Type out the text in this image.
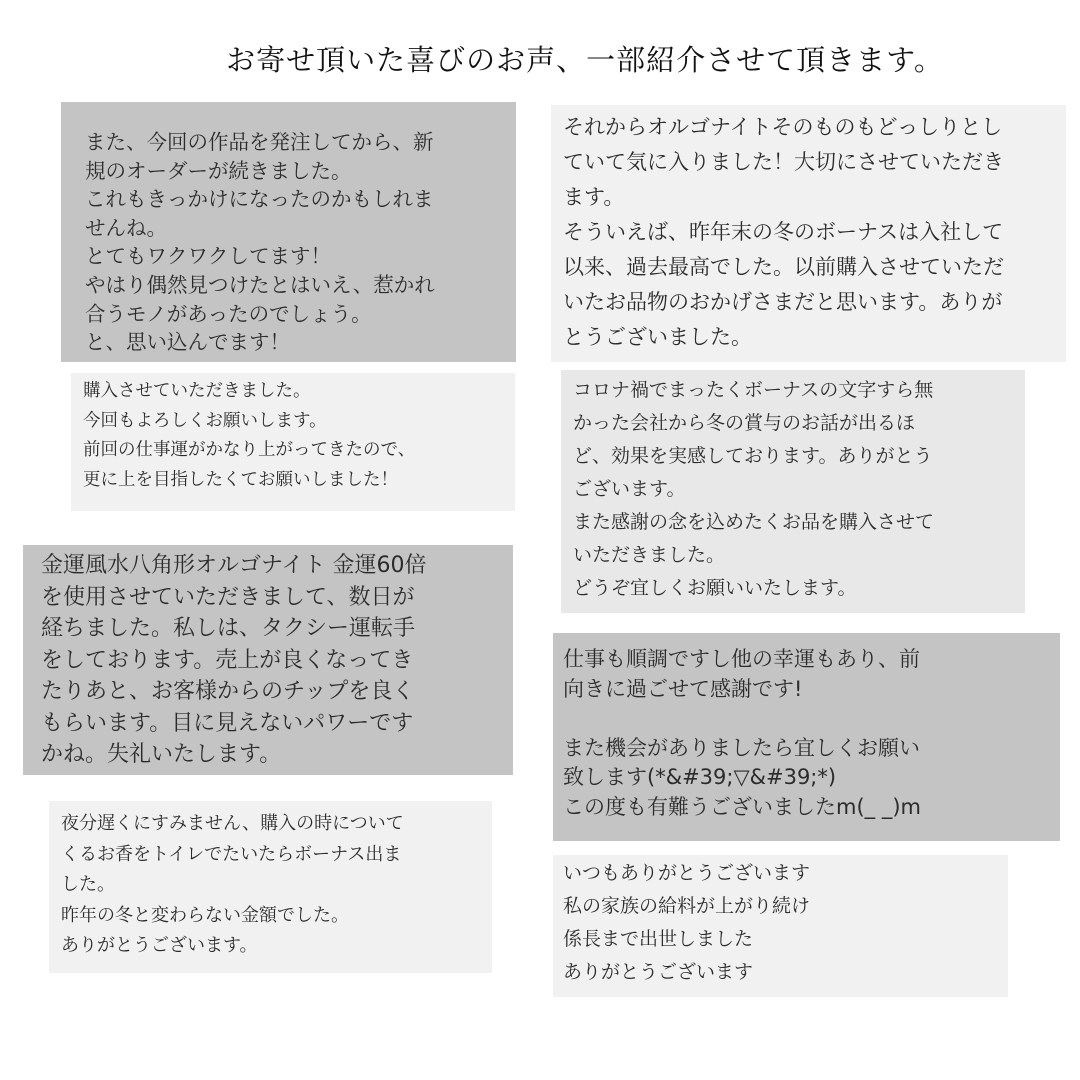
お寄せ頂いた喜びのお声、一部紹介させて頂きます。

また、今回の作品を発注してから、新
規のオーダーが続きました。
これもきっかけになったのかもしれま
せんね。
とてもワクワクしてます！
やはり偶然見つけたとはいえ、惹かれ
合うモノがあったのでしょう。
と、思い込んでます！

それからオルゴナイトそのものもどっしりとし
ていて気に入りました！大切にさせていただき
ます。
そういえば、昨年末の冬のボーナスは入社して
以来、過去最高でした。以前購入させていただ
いたお品物のおかげさまだと思います。ありが
とうございました。

購入させていただきました。
今回もよろしくお願いします。
前回の仕事運がかなり上がってきたので、
更に上を目指したくてお願いしました！

コロナ禍でまったくボーナスの文字すら無
かった会社から冬の賞与のお話が出るほ
ど、効果を実感しております。ありがとう
ございます。
また感謝の念を込めたくお品を購入させて
いただきました。
どうぞ宜しくお願いいたします。

金運風水八角形オルゴナイト 金運60倍
を使用させていただきまして、数日が
経ちました。私しは、タクシー運転手
をしております。売上が良くなってき
たりあと、お客様からのチップを良く
もらいます。目に見えないパワーです
かね。失礼いたします。

仕事も順調ですし他の幸運もあり、前
向きに過ごせて感謝です!

また機会がありましたら宜しくお願い
致します(*&#39;▽&#39;*)
この度も有難うございましたm(_ _)m

夜分遅くにすみません、購入の時について
くるお香をトイレでたいたらボーナス出ま
した。
昨年の冬と変わらない金額でした。
ありがとうございます。

いつもありがとうございます
私の家族の給料が上がり続け
係長まで出世しました
ありがとうございます
